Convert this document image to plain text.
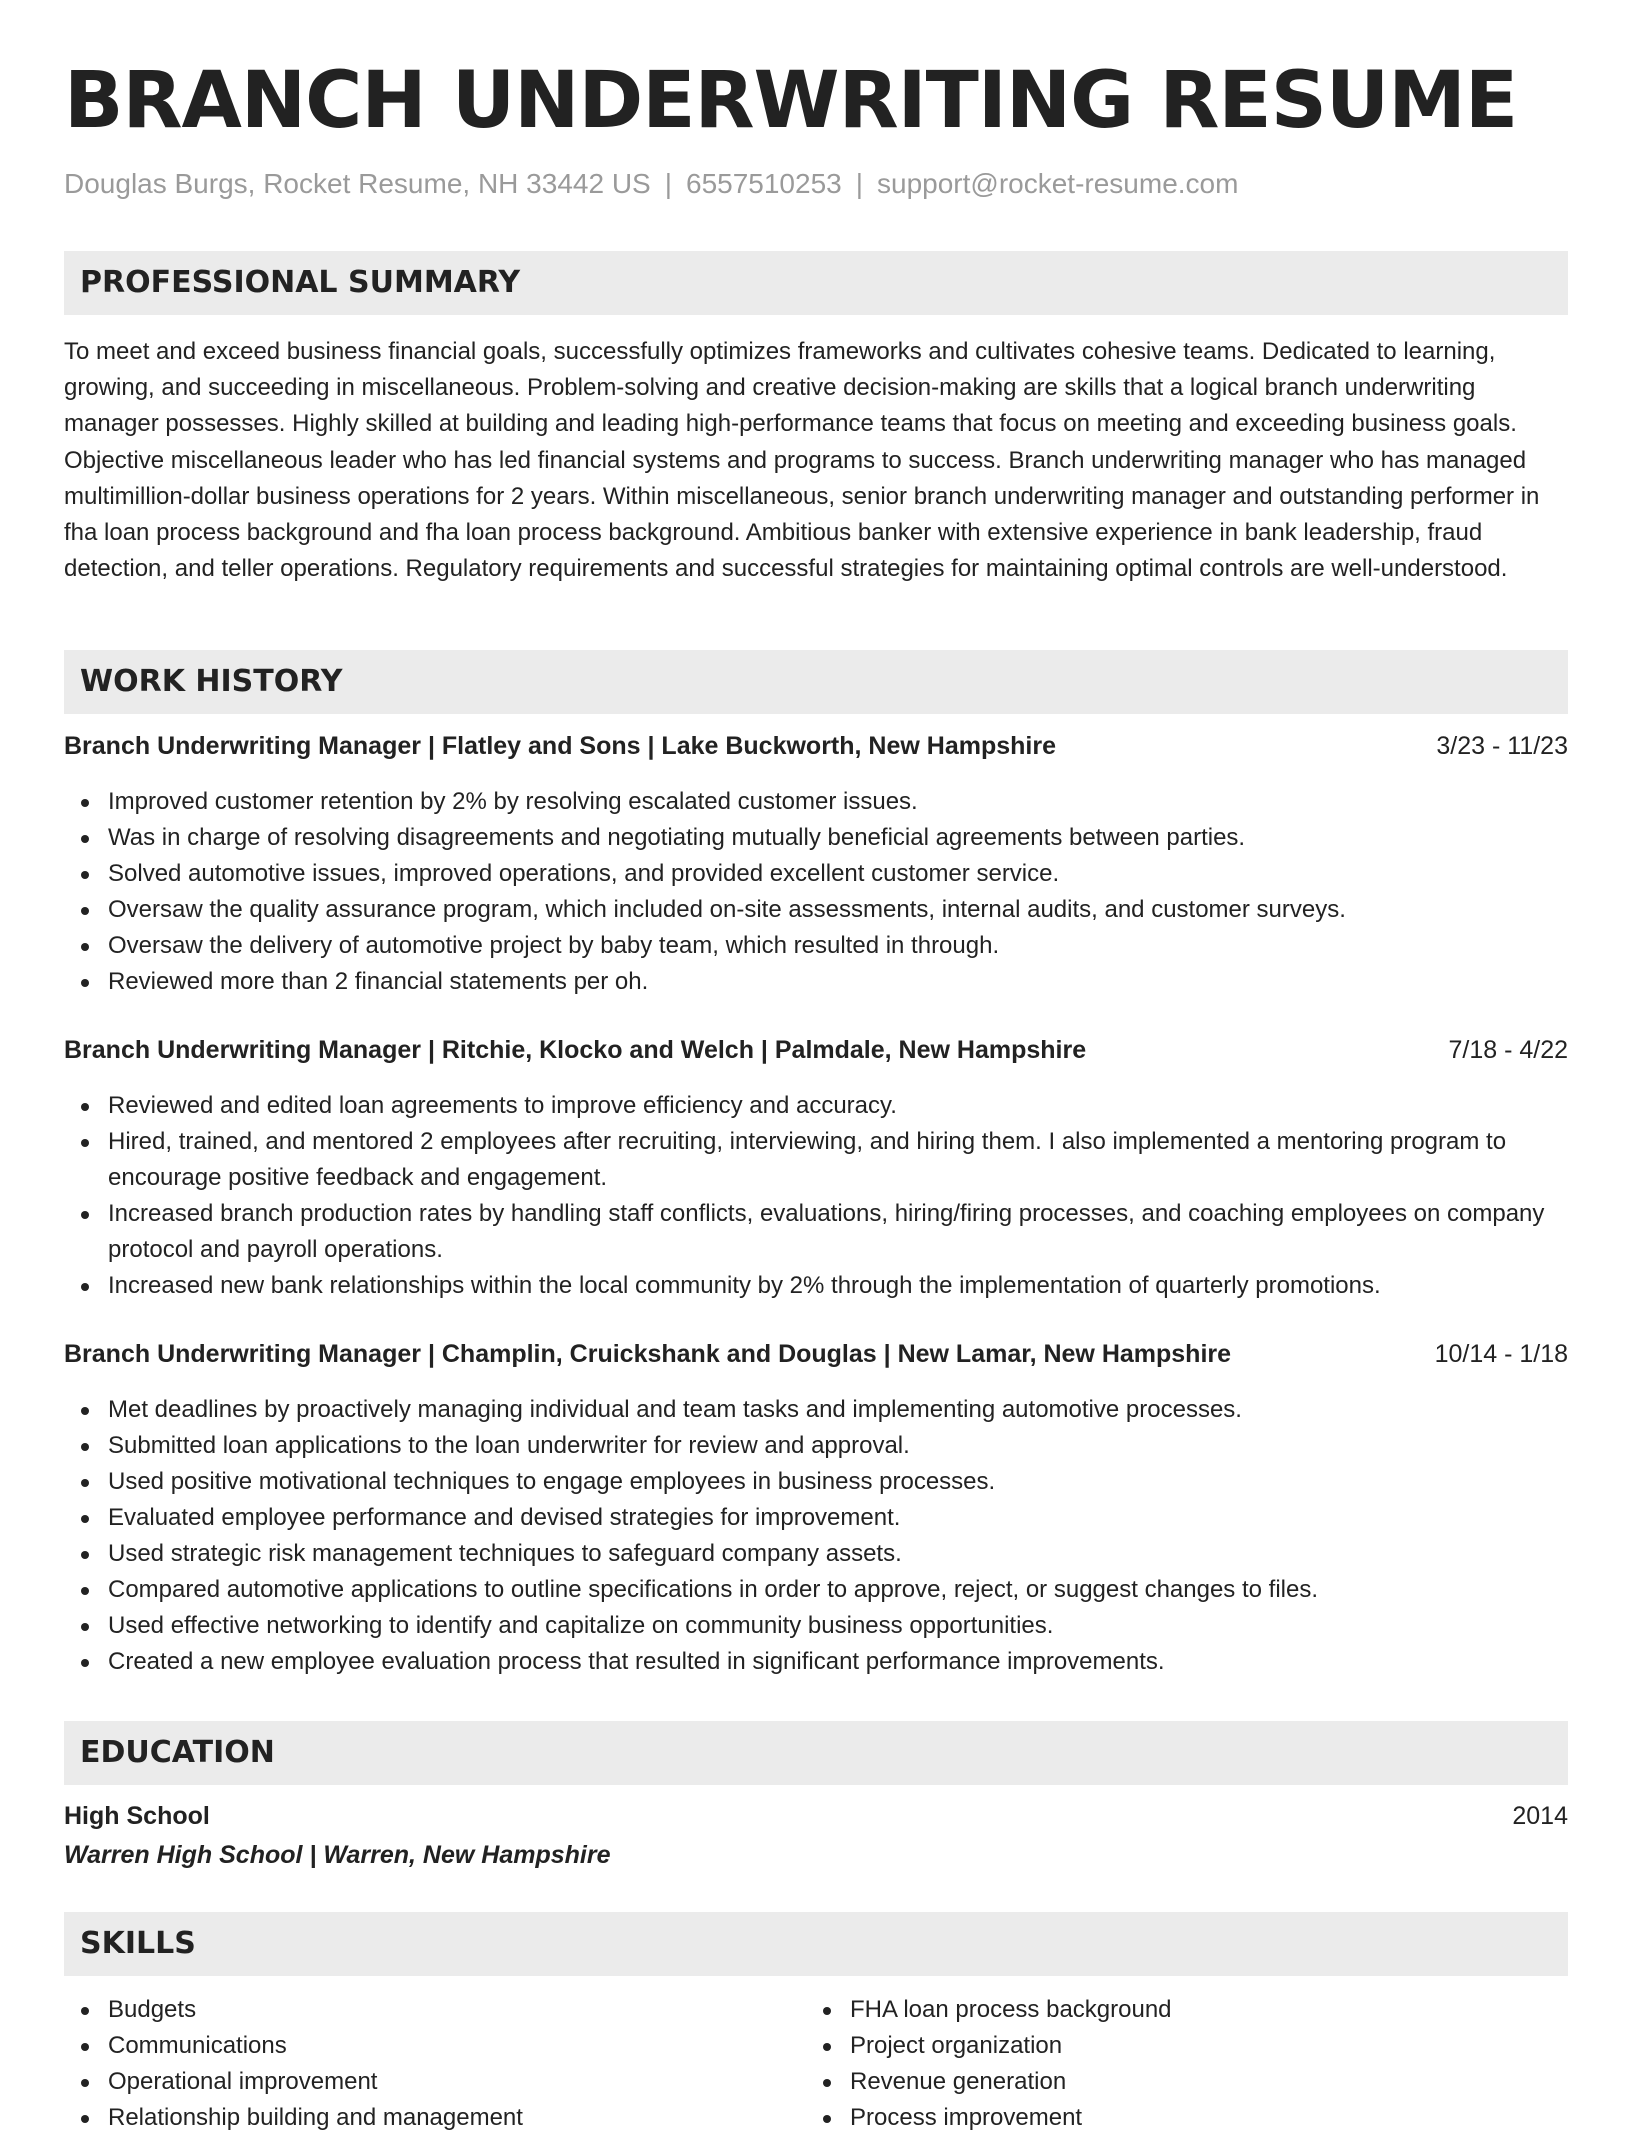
BRANCH UNDERWRITING RESUME
Douglas Burgs, Rocket Resume, NH 33442 US | 6557510253 | support@rocket-resume.com
PROFESSIONAL SUMMARY

To meet and exceed business financial goals, successfully optimizes frameworks and cultivates cohesive teams. Dedicated to learning, growing, and succeeding in miscellaneous. Problem-solving and creative decision-making are skills that a logical branch underwriting manager possesses. Highly skilled at building and leading high-performance teams that focus on meeting and exceeding business goals. Objective miscellaneous leader who has led financial systems and programs to success. Branch underwriting manager who has managed multimillion-dollar business operations for 2 years. Within miscellaneous, senior branch underwriting manager and outstanding performer in fha loan process background and fha loan process background. Ambitious banker with extensive experience in bank leadership, fraud detection, and teller operations. Regulatory requirements and successful strategies for maintaining optimal controls are well-understood.

WORK HISTORY
Branch Underwriting Manager | Flatley and Sons | Lake Buckworth, New Hampshire	3/23 - 11/23
Improved customer retention by 2% by resolving escalated customer issues.
Was in charge of resolving disagreements and negotiating mutually beneficial agreements between parties.
Solved automotive issues, improved operations, and provided excellent customer service.
Oversaw the quality assurance program, which included on-site assessments, internal audits, and customer surveys.
Oversaw the delivery of automotive project by baby team, which resulted in through.
Reviewed more than 2 financial statements per oh.
Branch Underwriting Manager | Ritchie, Klocko and Welch | Palmdale, New Hampshire	7/18 - 4/22
Reviewed and edited loan agreements to improve efficiency and accuracy.
Hired, trained, and mentored 2 employees after recruiting, interviewing, and hiring them. I also implemented a mentoring program to encourage positive feedback and engagement.
Increased branch production rates by handling staff conflicts, evaluations, hiring/firing processes, and coaching employees on company protocol and payroll operations.
Increased new bank relationships within the local community by 2% through the implementation of quarterly promotions.
Branch Underwriting Manager | Champlin, Cruickshank and Douglas | New Lamar, New Hampshire	10/14 - 1/18
Met deadlines by proactively managing individual and team tasks and implementing automotive processes.
Submitted loan applications to the loan underwriter for review and approval.
Used positive motivational techniques to engage employees in business processes.
Evaluated employee performance and devised strategies for improvement.
Used strategic risk management techniques to safeguard company assets.
Compared automotive applications to outline specifications in order to approve, reject, or suggest changes to files.
Used effective networking to identify and capitalize on community business opportunities.
Created a new employee evaluation process that resulted in significant performance improvements.
EDUCATION
High School	2014
Warren High School | Warren, New Hampshire
SKILLS
Budgets
Communications
Operational improvement
Relationship building and management
FHA loan process background
Project organization
Revenue generation
Process improvement
